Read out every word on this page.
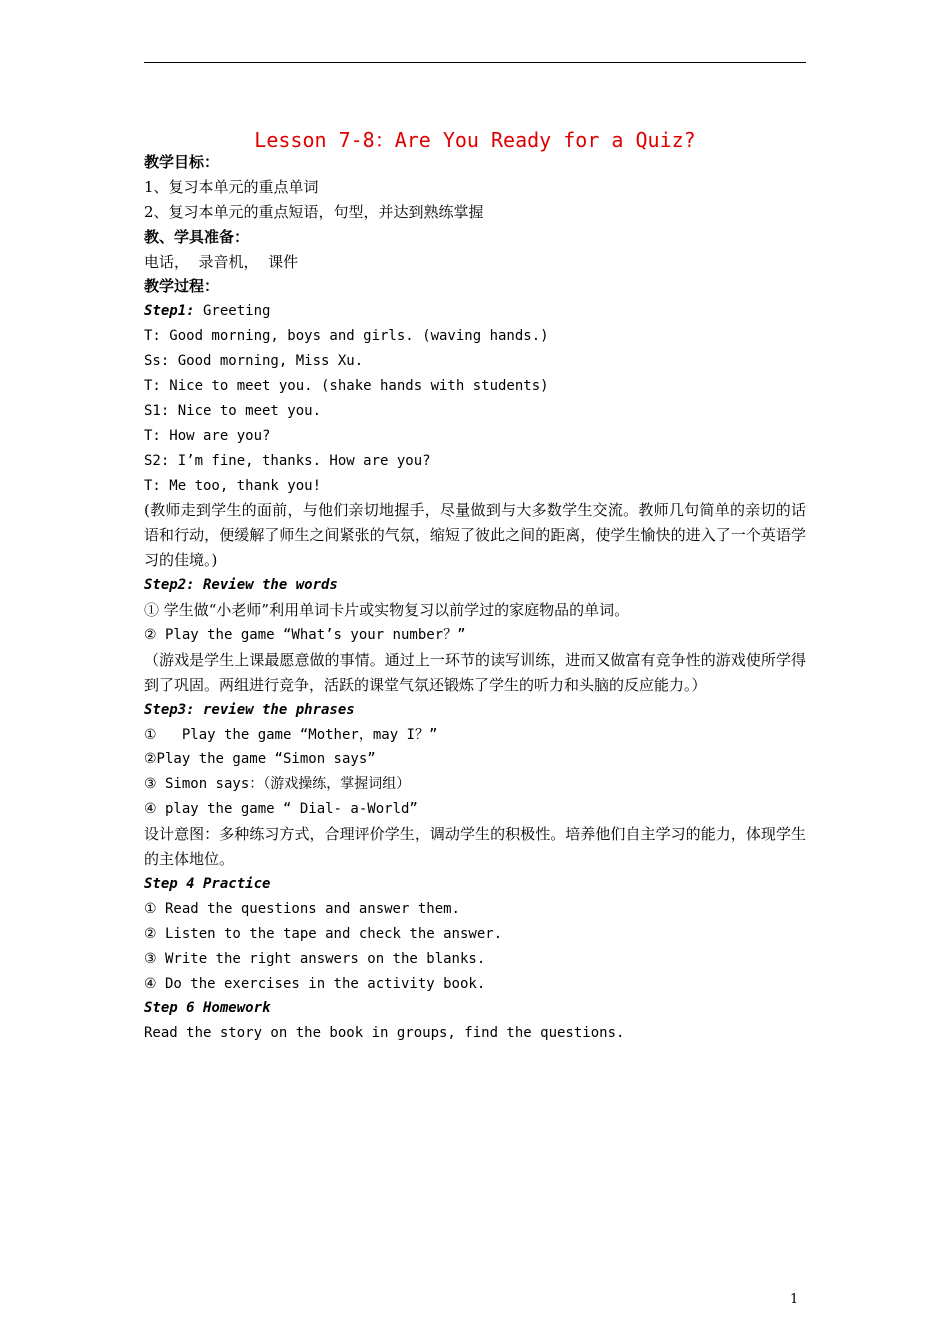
Lesson 7-8：Are You Ready for a Quiz?
教学目标：
1、复习本单元的重点单词
2、复习本单元的重点短语，句型，并达到熟练掌握
教、学具准备：
电话，  录音机，  课件
教学过程：
Step1: Greeting
T: Good morning, boys and girls. (waving hands.)
Ss: Good morning, Miss Xu.
T: Nice to meet you. (shake hands with students)
S1: Nice to meet you.
T: How are you?
S2: I’m fine, thanks. How are you?
T: Me too, thank you!
(教师走到学生的面前，与他们亲切地握手，尽量做到与大多数学生交流。教师几句简单的亲切的话语和行动，便缓解了师生之间紧张的气氛，缩短了彼此之间的距离，使学生愉快的进入了一个英语学习的佳境。)
Step2: Review the words
① 学生做“小老师”利用单词卡片或实物复习以前学过的家庭物品的单词。
② Play the game “What’s your number？”
（游戏是学生上课最愿意做的事情。通过上一环节的读写训练，进而又做富有竞争性的游戏使所学得到了巩固。两组进行竞争，活跃的课堂气氛还锻炼了学生的听力和头脑的反应能力。）
Step3: review the phrases
①   Play the game “Mother，may I？”
②Play the game “Simon says”
③ Simon says：（游戏操练，掌握词组）
④ play the game “ Dial- a-World”
设计意图：多种练习方式，合理评价学生，调动学生的积极性。培养他们自主学习的能力，体现学生的主体地位。
Step 4 Practice
① Read the questions and answer them.
② Listen to the tape and check the answer.
③ Write the right answers on the blanks.
④ Do the exercises in the activity book.
Step 6 Homework
Read the story on the book in groups, find the questions.
1
